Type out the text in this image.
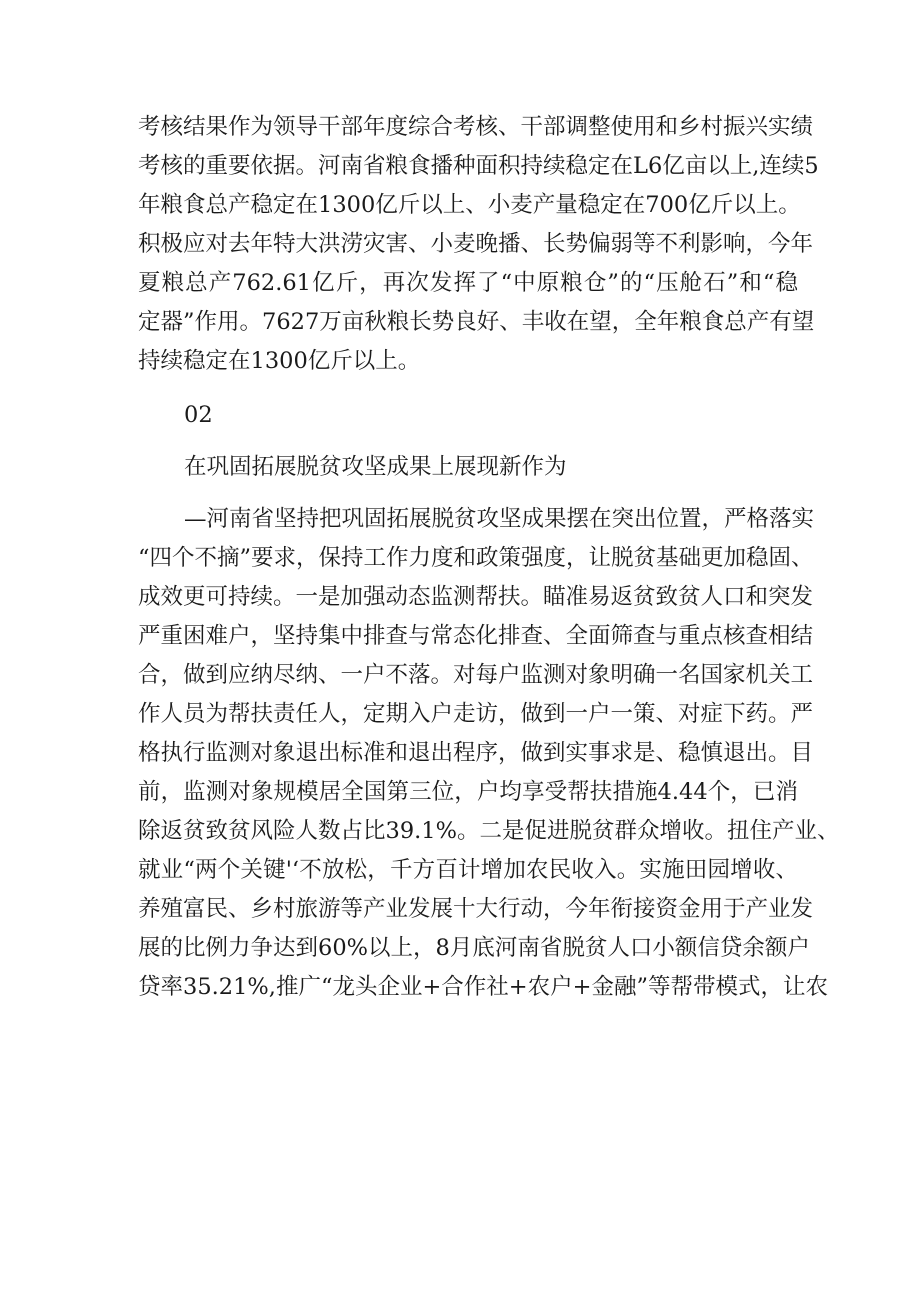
考核结果作为领导干部年度综合考核、干部调整使用和乡村振兴实绩
考核的重要依据。河南省粮食播种面积持续稳定在L6亿亩以上,连续5
年粮食总产稳定在1300亿斤以上、小麦产量稳定在700亿斤以上。
积极应对去年特大洪涝灾害、小麦晚播、长势偏弱等不利影响，今年
夏粮总产762.61亿斤，再次发挥了“中原粮仓”的“压舱石”和“稳
定器”作用。7627万亩秋粮长势良好、丰收在望，全年粮食总产有望
持续稳定在1300亿斤以上。
02
在巩固拓展脱贫攻坚成果上展现新作为
—河南省坚持把巩固拓展脱贫攻坚成果摆在突出位置，严格落实
“四个不摘”要求，保持工作力度和政策强度，让脱贫基础更加稳固、
成效更可持续。一是加强动态监测帮扶。瞄准易返贫致贫人口和突发
严重困难户，坚持集中排查与常态化排查、全面筛查与重点核查相结
合，做到应纳尽纳、一户不落。对每户监测对象明确一名国家机关工
作人员为帮扶责任人，定期入户走访，做到一户一策、对症下药。严
格执行监测对象退出标准和退出程序，做到实事求是、稳慎退出。目
前，监测对象规模居全国第三位，户均享受帮扶措施4.44个，已消
除返贫致贫风险人数占比39.1%。二是促进脱贫群众增收。扭住产业、
就业“两个关键'‘不放松，千方百计增加农民收入。实施田园增收、
养殖富民、乡村旅游等产业发展十大行动，今年衔接资金用于产业发
展的比例力争达到60%以上，8月底河南省脱贫人口小额信贷余额户
贷率35.21%,推广“龙头企业+合作社+农户+金融”等帮带模式，让农
